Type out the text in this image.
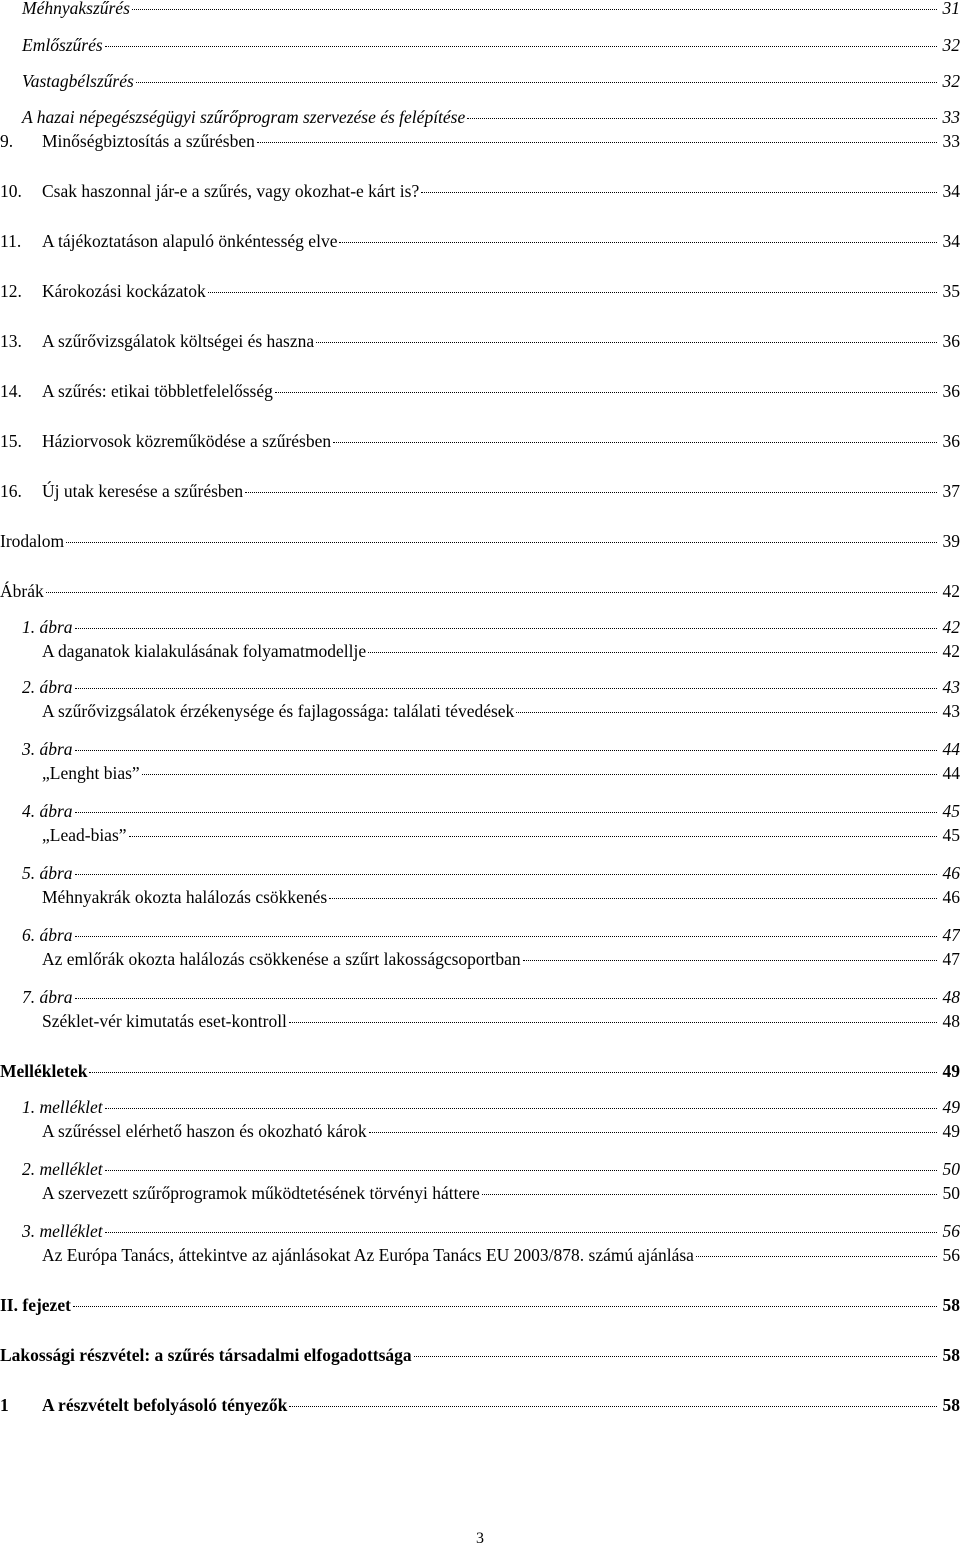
Méhnyakszűrés	31
Emlőszűrés	32
Vastagbélszűrés	32
A hazai népegészségügyi szűrőprogram szervezése és felépítése	33
9. Minőségbiztosítás a szűrésben	33
10. Csak haszonnal jár-e a szűrés, vagy okozhat-e kárt is?	34
11. A tájékoztatáson alapuló önkéntesség elve	34
12. Károkozási kockázatok	35
13. A szűrővizsgálatok költségei és haszna	36
14. A szűrés: etikai többletfelelősség	36
15. Háziorvosok közreműködése a szűrésben	36
16. Új utak keresése a szűrésben	37
Irodalom	39
Ábrák	42
1. ábra	42
A daganatok kialakulásának folyamatmodellje	42
2. ábra	43
A szűrővizgsálatok érzékenysége és fajlagossága: találati tévedések	43
3. ábra	44
„Lenght bias”	44
4. ábra	45
„Lead-bias”	45
5. ábra	46
Méhnyakrák okozta halálozás csökkenés	46
6. ábra	47
Az emlőrák okozta halálozás csökkenése a szűrt lakosságcsoportban	47
7. ábra	48
Széklet-vér kimutatás eset-kontroll	48
Mellékletek	49
1. melléklet	49
A szűréssel elérhető haszon és okozható károk	49
2. melléklet	50
A szervezett szűrőprogramok működtetésének törvényi háttere	50
3. melléklet	56
Az Európa Tanács, áttekintve az ajánlásokat Az Európa Tanács EU 2003/878. számú ajánlása	56
II. fejezet	58
Lakossági részvétel: a szűrés társadalmi elfogadottsága	58
1 A részvételt befolyásoló tényezők	58
3
